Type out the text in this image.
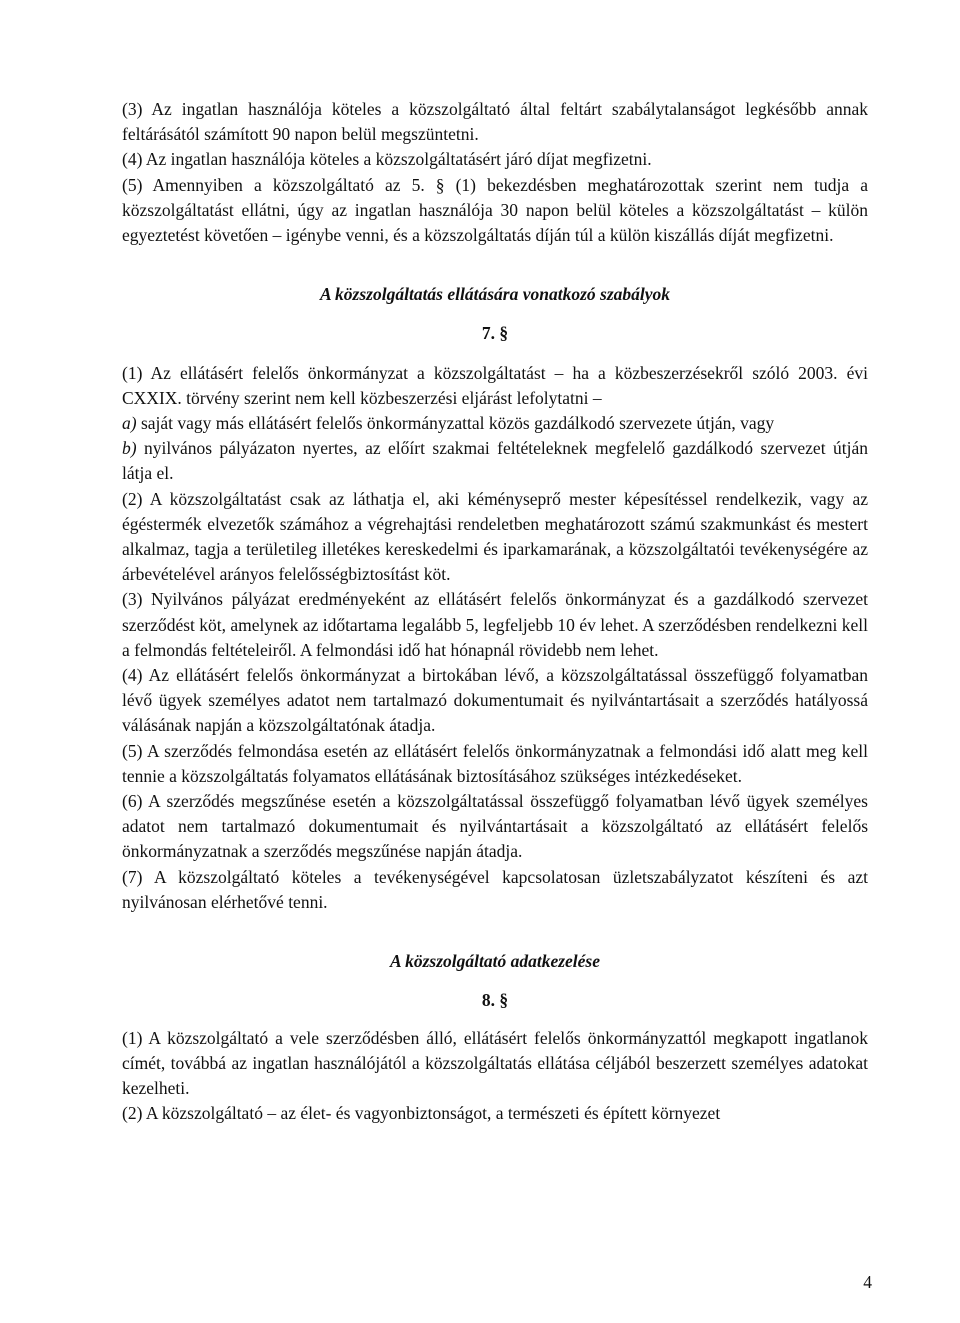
(3) Az ingatlan használója köteles a közszolgáltató által feltárt szabálytalanságot legkésőbb annak feltárásától számított 90 napon belül megszüntetni.

(4) Az ingatlan használója köteles a közszolgáltatásért járó díjat megfizetni.

(5) Amennyiben a közszolgáltató az 5. § (1) bekezdésben meghatározottak szerint nem tudja a közszolgáltatást ellátni, úgy az ingatlan használója 30 napon belül köteles a közszolgáltatást – külön egyeztetést követően – igénybe venni, és a közszolgáltatás díján túl a külön kiszállás díját megfizetni.

A közszolgáltatás ellátására vonatkozó szabályok

7. §

(1) Az ellátásért felelős önkormányzat a közszolgáltatást – ha a közbeszerzésekről szóló 2003. évi CXXIX. törvény szerint nem kell közbeszerzési eljárást lefolytatni –

a) saját vagy más ellátásért felelős önkormányzattal közös gazdálkodó szervezete útján, vagy

b) nyilvános pályázaton nyertes, az előírt szakmai feltételeknek megfelelő gazdálkodó szervezet útján látja el.

(2) A közszolgáltatást csak az láthatja el, aki kéményseprő mester képesítéssel rendelkezik, vagy az égéstermék elvezetők számához a végrehajtási rendeletben meghatározott számú szakmunkást és mestert alkalmaz, tagja a területileg illetékes kereskedelmi és iparkamarának, a közszolgáltatói tevékenységére az árbevételével arányos felelősségbiztosítást köt.

(3) Nyilvános pályázat eredményeként az ellátásért felelős önkormányzat és a gazdálkodó szervezet szerződést köt, amelynek az időtartama legalább 5, legfeljebb 10 év lehet. A szerződésben rendelkezni kell a felmondás feltételeiről. A felmondási idő hat hónapnál rövidebb nem lehet.

(4) Az ellátásért felelős önkormányzat a birtokában lévő, a közszolgáltatással összefüggő folyamatban lévő ügyek személyes adatot nem tartalmazó dokumentumait és nyilvántartásait a szerződés hatályossá válásának napján a közszolgáltatónak átadja.

(5) A szerződés felmondása esetén az ellátásért felelős önkormányzatnak a felmondási idő alatt meg kell tennie a közszolgáltatás folyamatos ellátásának biztosításához szükséges intézkedéseket.

(6) A szerződés megszűnése esetén a közszolgáltatással összefüggő folyamatban lévő ügyek személyes adatot nem tartalmazó dokumentumait és nyilvántartásait a közszolgáltató az ellátásért felelős önkormányzatnak a szerződés megszűnése napján átadja.

(7) A közszolgáltató köteles a tevékenységével kapcsolatosan üzletszabályzatot készíteni és azt nyilvánosan elérhetővé tenni.

A közszolgáltató adatkezelése

8. §

(1) A közszolgáltató a vele szerződésben álló, ellátásért felelős önkormányzattól megkapott ingatlanok címét, továbbá az ingatlan használójától a közszolgáltatás ellátása céljából beszerzett személyes adatokat kezelheti.

(2) A közszolgáltató – az élet- és vagyonbiztonságot, a természeti és épített környezet

4
